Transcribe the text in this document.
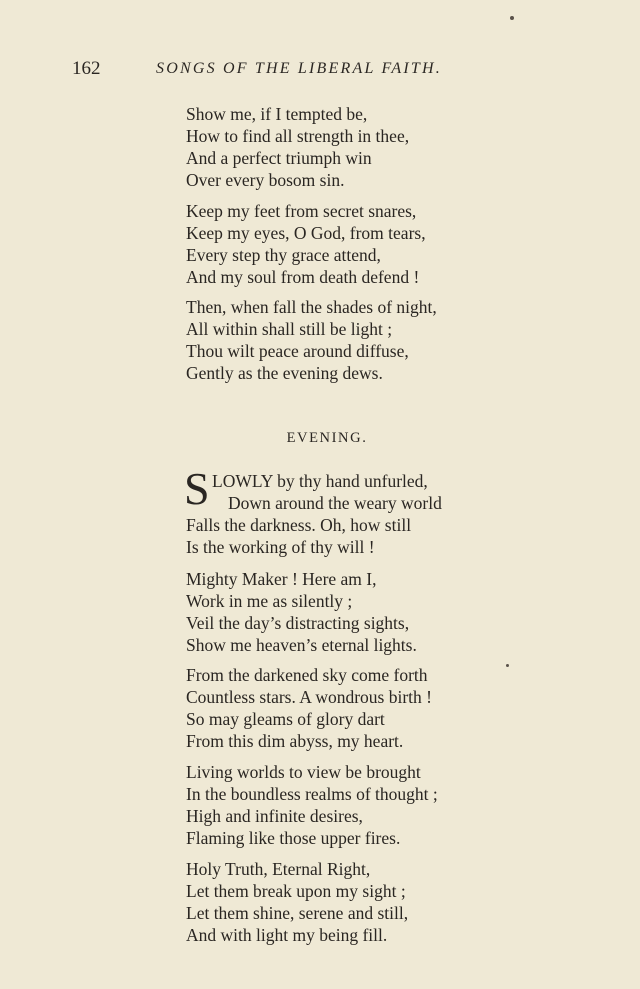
162	SONGS OF THE LIBERAL FAITH.
Show me, if I tempted be,
How to find all strength in thee,
And a perfect triumph win
Over every bosom sin.
Keep my feet from secret snares,
Keep my eyes, O God, from tears,
Every step thy grace attend,
And my soul from death defend !
Then, when fall the shades of night,
All within shall still be light ;
Thou wilt peace around diffuse,
Gently as the evening dews.
EVENING.
S LOWLY by thy hand unfurled,
Down around the weary world
Falls the darkness. Oh, how still
Is the working of thy will !
Mighty Maker ! Here am I,
Work in me as silently ;
Veil the day’s distracting sights,
Show me heaven’s eternal lights.
From the darkened sky come forth
Countless stars. A wondrous birth !
So may gleams of glory dart
From this dim abyss, my heart.
Living worlds to view be brought
In the boundless realms of thought ;
High and infinite desires,
Flaming like those upper fires.
Holy Truth, Eternal Right,
Let them break upon my sight ;
Let them shine, serene and still,
And with light my being fill.
